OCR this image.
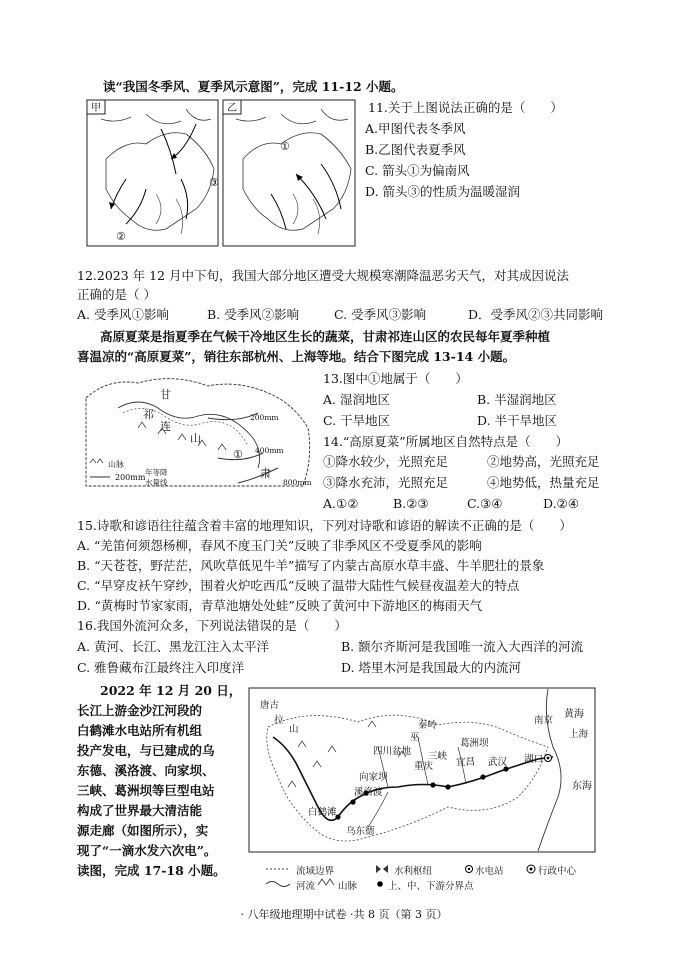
读“我国冬季风、夏季风示意图”，完成 11-12 小题。
甲	乙
①
②
③
11.关于上图说法正确的是（　　）
A.甲图代表冬季风
B.乙图代表夏季风
C. 箭头①为偏南风
D. 箭头③的性质为温暖湿润
12.2023 年 12 月中下旬，我国大部分地区遭受大规模寒潮降温恶劣天气，对其成因说法
正确的是（ ）
A. 受季风①影响	B. 受季风②影响	C. 受季风③影响	D．受季风②③共同影响
高原夏菜是指夏季在气候干冷地区生长的蔬菜，甘肃祁连山区的农民每年夏季种植
喜温凉的“高原夏菜”，销往东部杭州、上海等地。结合下图完成 13-14 小题。
甘
祁
连
山
肃
①
200mm
400mm
800mm
山脉
200mm
年等降
水量线
13.图中①地属于（　　）
A. 湿润地区	B. 半湿润地区
C. 干旱地区	D. 半干旱地区
14.“高原夏菜”所属地区自然特点是（　　）
①降水较少，光照充足	②地势高，光照充足
③降水充沛，光照充足	④地势低，热量充足
A.①②	B.②③	C.③④	D.②④
15.诗歌和谚语往往蕴含着丰富的地理知识，下列对诗歌和谚语的解读不正确的是（　　）
A. “羌笛何须怨杨柳，春风不度玉门关”反映了非季风区不受夏季风的影响
B. “天苍苍，野茫茫，风吹草低见牛羊”描写了内蒙古高原水草丰盛、牛羊肥壮的景象
C. “早穿皮袄午穿纱，围着火炉吃西瓜”反映了温带大陆性气候昼夜温差大的特点
D. “黄梅时节家家雨，青草池塘处处蛙”反映了黄河中下游地区的梅雨天气
16.我国外流河众多，下列说法错误的是（　　）
A. 黄河、长江、黑龙江注入太平洋	B. 额尔齐斯河是我国唯一流入大西洋的河流
C. 雅鲁藏布江最终注入印度洋	D. 塔里木河是我国最大的内流河
2022 年 12 月 20 日，
长江上游金沙江河段的
白鹤滩水电站所有机组
投产发电，与已建成的乌
东德、溪洛渡、向家坝、
三峡、葛洲坝等巨型电站
构成了世界最大清洁能
源走廊（如图所示），实
现了“一滴水发六次电”。
读图，完成 17-18 小题。
唐古
拉
山	秦岭	南京
黄海
上海
东海
四川盆地
巫
葛洲坝
向家坝
重庆 宜昌 武汉 湖口
溪洛渡
白鹤滩
乌东德
三峡
流域边界	水利枢纽	水电站	行政中心
河流 山脉	上、中、下游分界点
· 八年级地理期中试卷 ·共 8 页（第 3 页）
